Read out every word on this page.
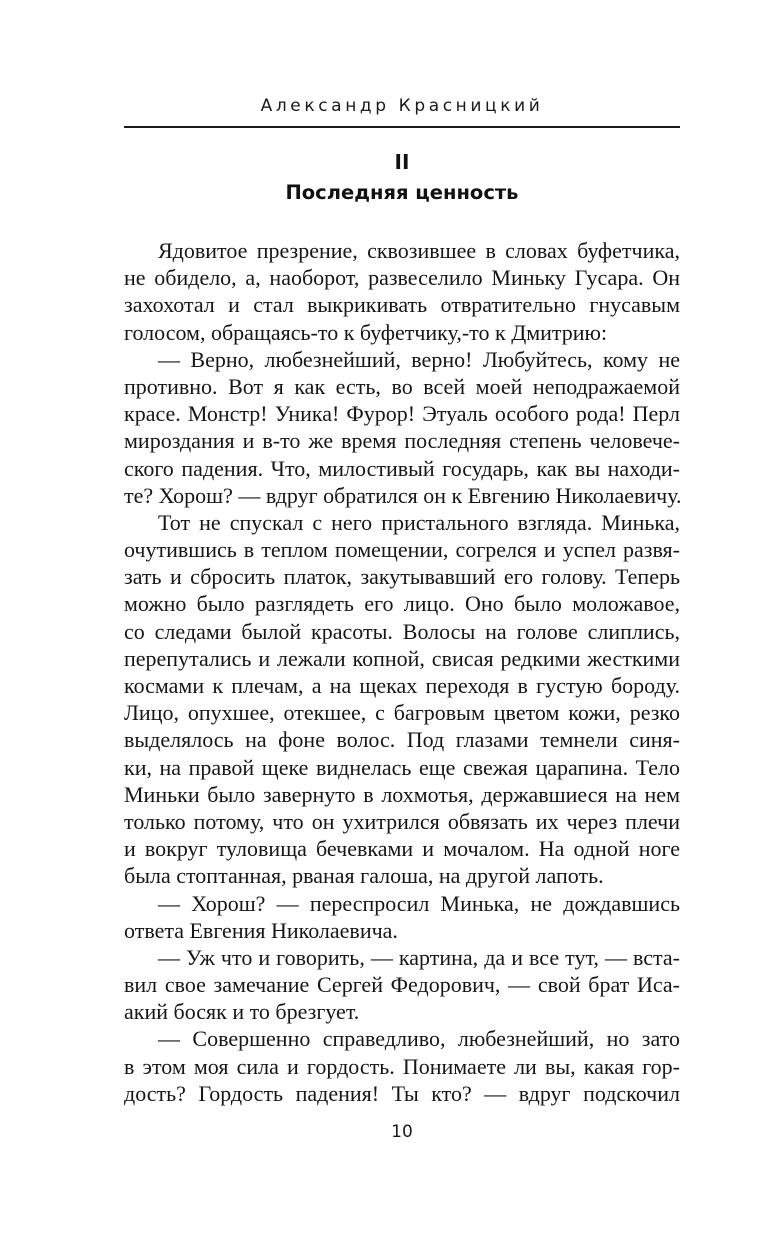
Александр Красницкий
II
Последняя ценность

Ядовитое презрение, сквозившее в словах буфетчика,
не обидело, а, наоборот, развеселило Миньку Гусара. Он
захохотал и стал выкрикивать отвратительно гнусавым
голосом, обращаясь-то к буфетчику,-то к Дмитрию:

— Верно, любезнейший, верно! Любуйтесь, кому не
противно. Вот я как есть, во всей моей неподражаемой
красе. Монстр! Уника! Фурор! Этуаль особого рода! Перл
мироздания и в-то же время последняя степень человече-
ского падения. Что, милостивый государь, как вы находи-
те? Хорош? — вдруг обратился он к Евгению Николаевичу.

Тот не спускал с него пристального взгляда. Минька,
очутившись в теплом помещении, согрелся и успел развя-
зать и сбросить платок, закутывавший его голову. Теперь
можно было разглядеть его лицо. Оно было моложавое,
со следами былой красоты. Волосы на голове слиплись,
перепутались и лежали копной, свисая редкими жесткими
космами к плечам, а на щеках переходя в густую бороду.
Лицо, опухшее, отекшее, с багровым цветом кожи, резко
выделялось на фоне волос. Под глазами темнели синя-
ки, на правой щеке виднелась еще свежая царапина. Тело
Миньки было завернуто в лохмотья, державшиеся на нем
только потому, что он ухитрился обвязать их через плечи
и вокруг туловища бечевками и мочалом. На одной ноге
была стоптанная, рваная галоша, на другой лапоть.

— Хорош? — переспросил Минька, не дождавшись
ответа Евгения Николаевича.

— Уж что и говорить, — картина, да и все тут, — вста-
вил свое замечание Сергей Федорович, — свой брат Иса-
акий босяк и то брезгует.

— Совершенно справедливо, любезнейший, но зато
в этом моя сила и гордость. Понимаете ли вы, какая гор-
дость? Гордость падения! Ты кто? — вдруг подскочил

10
